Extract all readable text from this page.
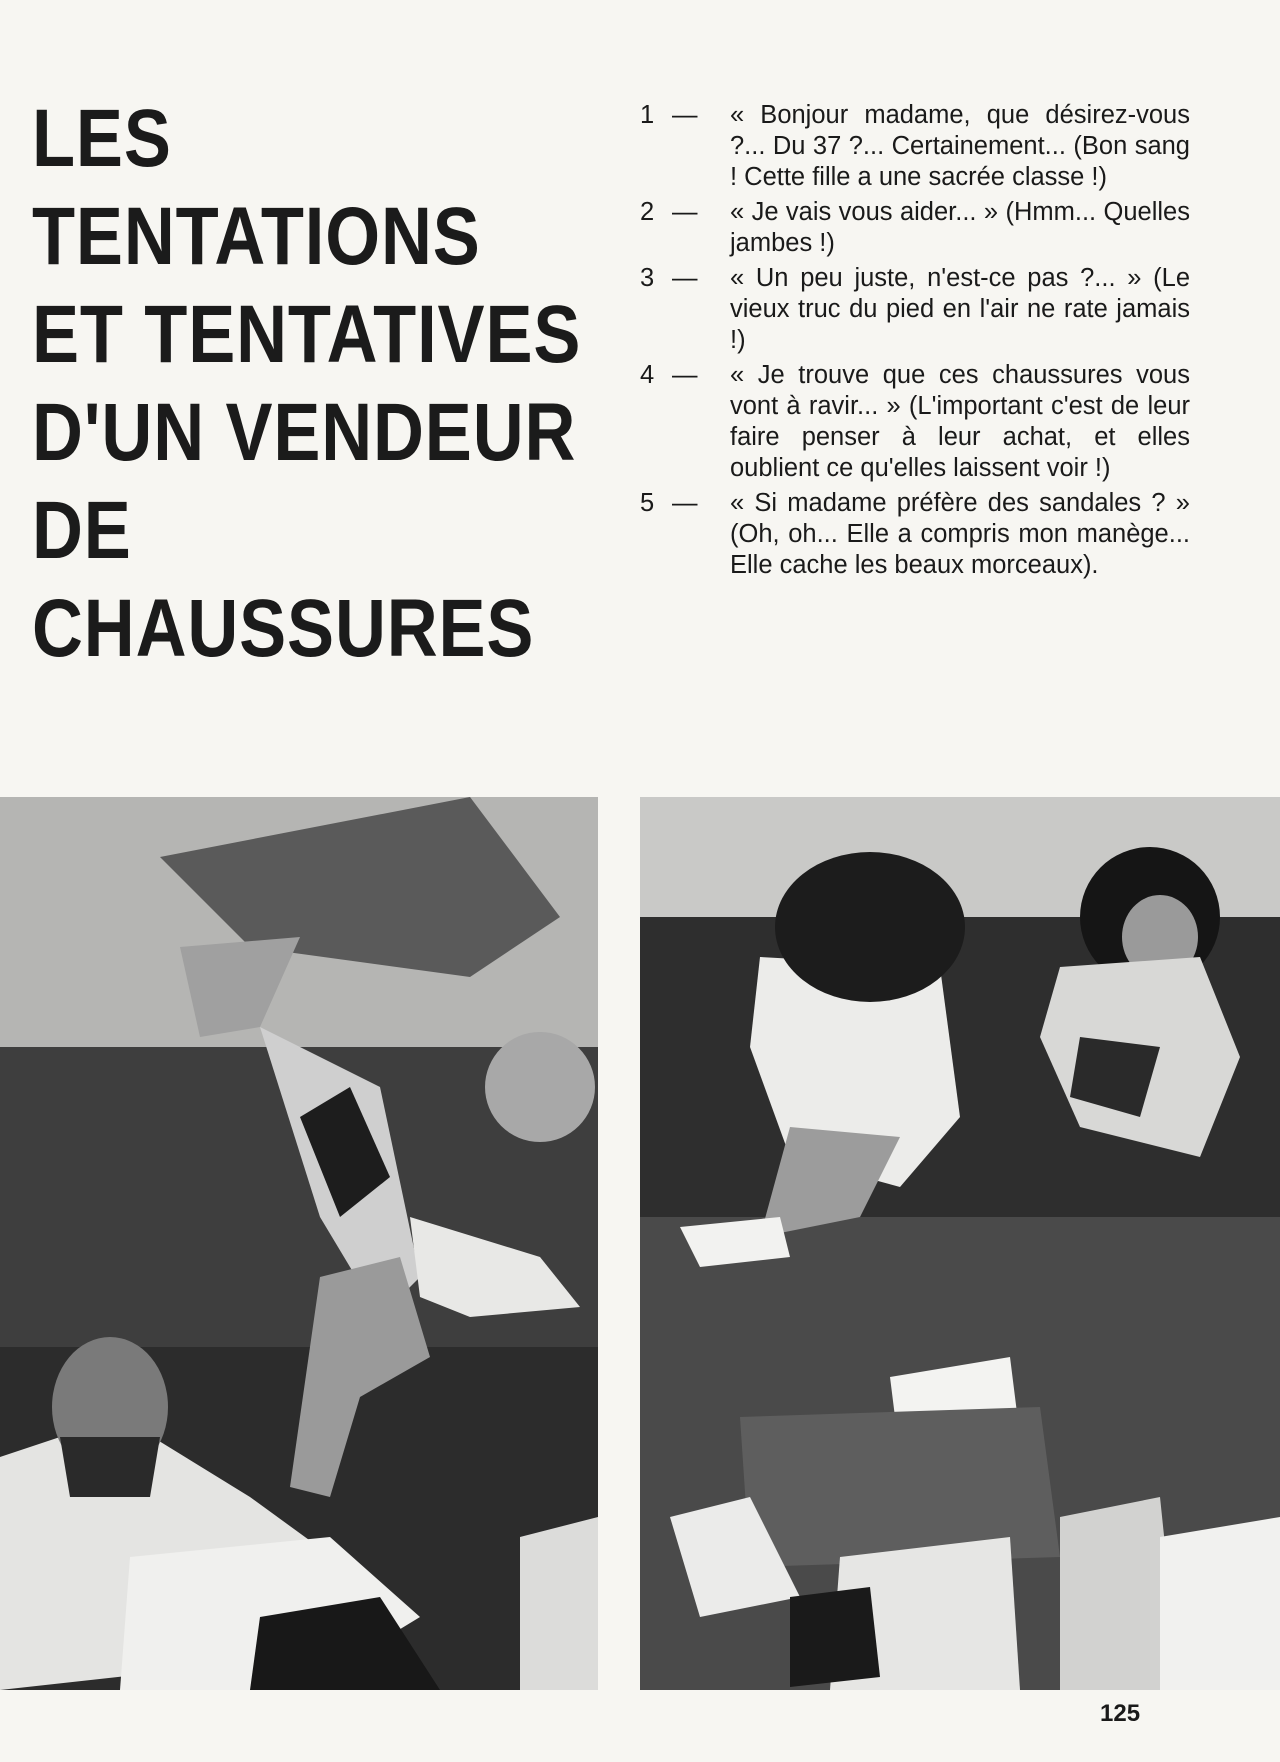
LES
TENTATIONS
ET TENTATIVES
D'UN VENDEUR
DE
CHAUSSURES
1 —	« Bonjour madame, que désirez-vous ?... Du 37 ?... Certainement... (Bon sang ! Cette fille a une sacrée classe !)
2 —	« Je vais vous aider... » (Hmm... Quelles jambes !)
3 —	« Un peu juste, n'est-ce pas ?... » (Le vieux truc du pied en l'air ne rate jamais !)
4 —	« Je trouve que ces chaussures vous vont à ravir... » (L'important c'est de leur faire penser à leur achat, et elles oublient ce qu'elles laissent voir !)
5 —	« Si madame préfère des sandales ? » (Oh, oh... Elle a compris mon manège... Elle cache les beaux morceaux).
125
